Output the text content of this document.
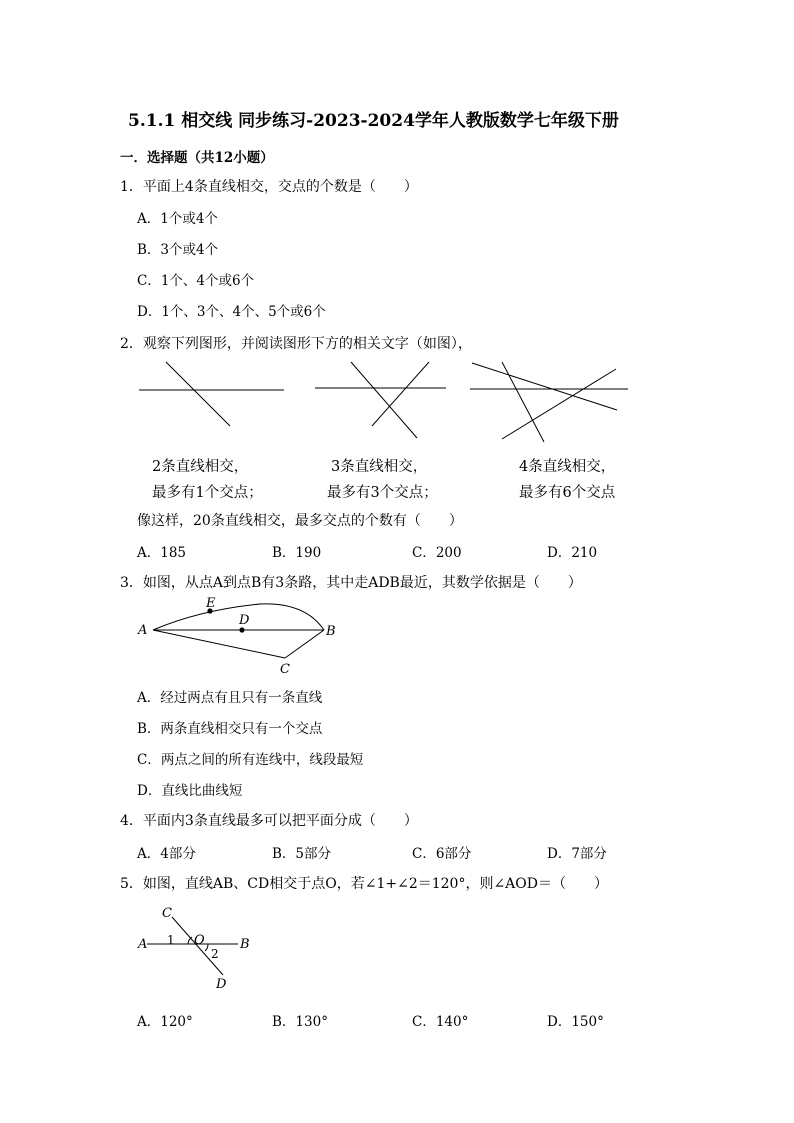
5.1.1 相交线 同步练习-2023-2024学年人教版数学七年级下册
一．选择题（共12小题）
1．平面上4条直线相交，交点的个数是（　　）
A．1个或4个
B．3个或4个
C．1个、4个或6个
D．1个、3个、4个、5个或6个
2．观察下列图形，并阅读图形下方的相关文字（如图），
2条直线相交，
最多有1个交点；
3条直线相交，
最多有3个交点；
4条直线相交，
最多有6个交点
像这样，20条直线相交，最多交点的个数有（　　）
A．185	B．190	C．200	D．210
3．如图，从点A到点B有3条路，其中走ADB最近，其数学依据是（　　）
A	B
C
D
E
A．经过两点有且只有一条直线
B．两条直线相交只有一个交点
C．两点之间的所有连线中，线段最短
D．直线比曲线短
4．平面内3条直线最多可以把平面分成（　　）
A．4部分	B．5部分	C．6部分	D．7部分
5．如图，直线AB、CD相交于点O，若∠1+∠2＝120°，则∠AOD＝（　　）
A	B
C
D
O
1
2
A．120°	B．130°	C．140°	D．150°
